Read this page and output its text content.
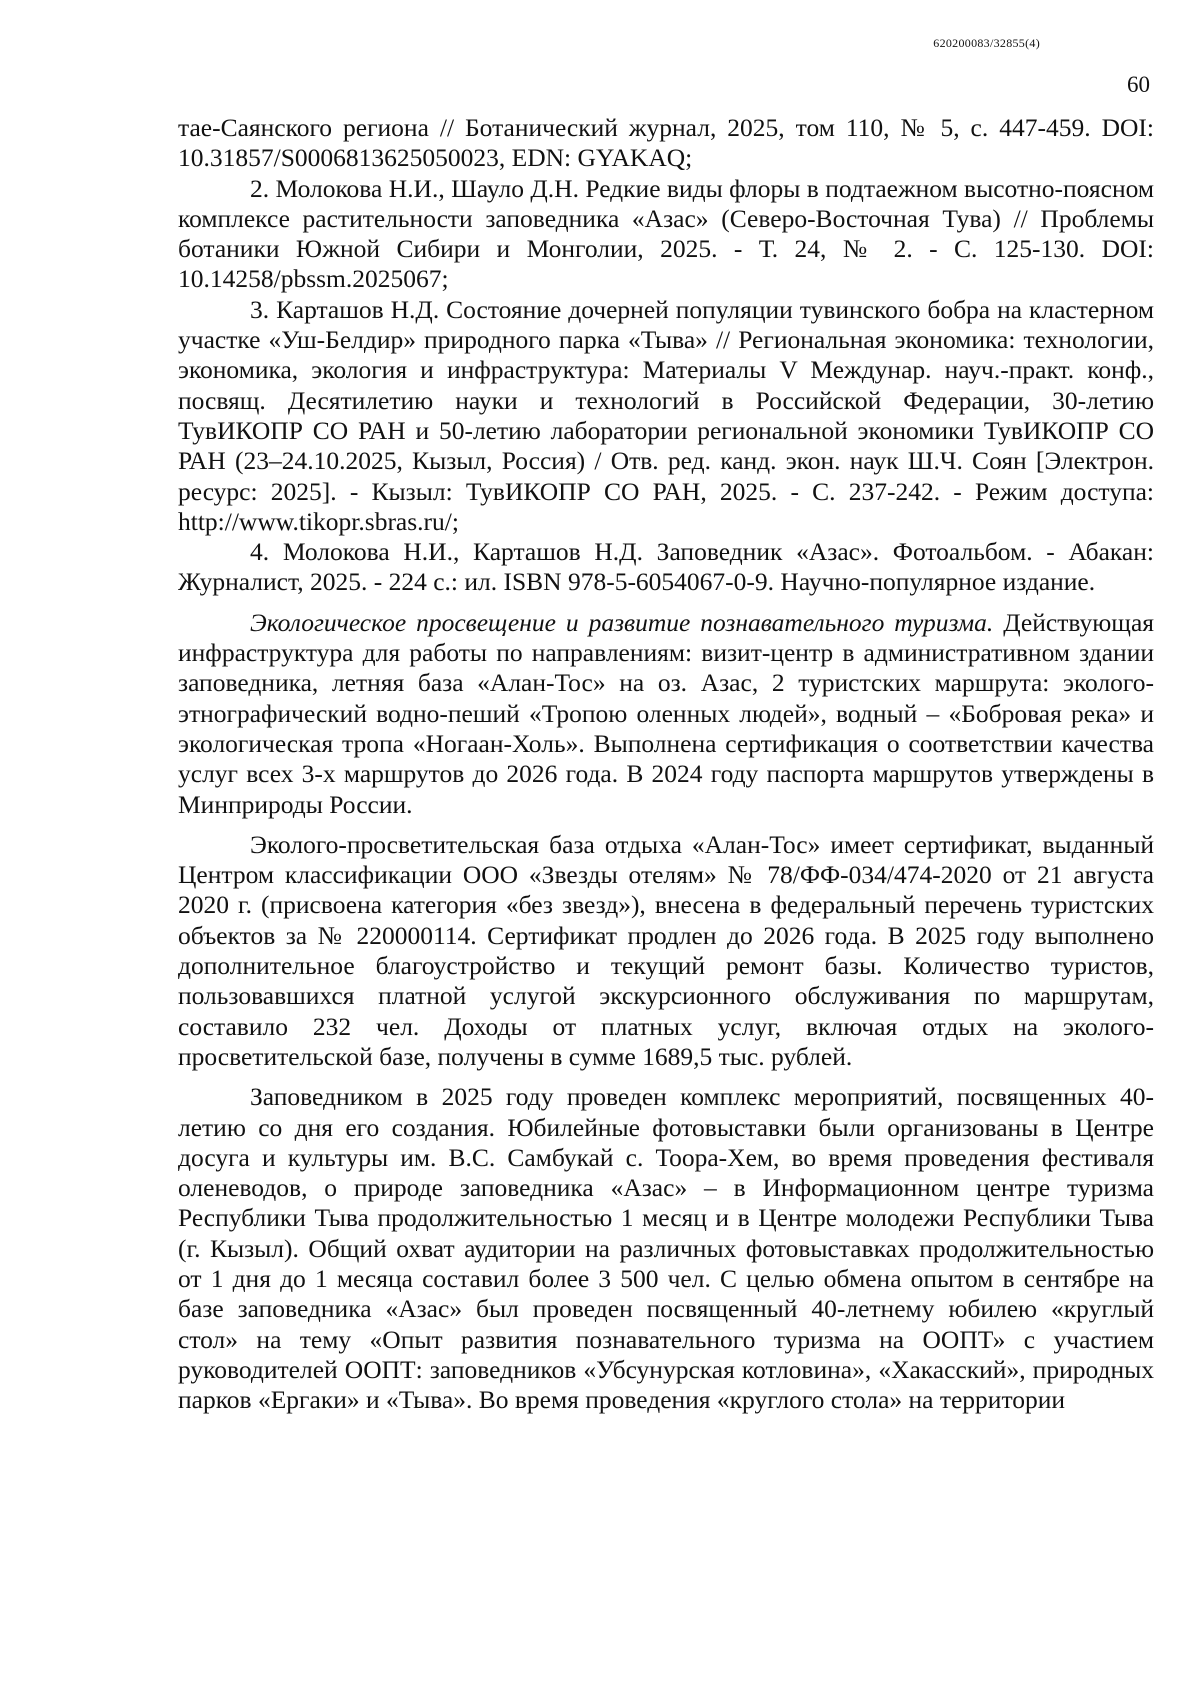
620200083/32855(4)
60

тае-Саянского региона // Ботанический журнал, 2025, том 110, № 5, с. 447-459. DOI: 10.31857/S0006813625050023, EDN: GYAKAQ;

2. Молокова Н.И., Шауло Д.Н. Редкие виды флоры в подтаежном высотно-поясном комплексе растительности заповедника «Азас» (Северо-Восточная Тува) // Проблемы ботаники Южной Сибири и Монголии, 2025. - Т. 24, № 2. - С. 125-130. DOI: 10.14258/pbssm.2025067;

3. Карташов Н.Д. Состояние дочерней популяции тувинского бобра на кластерном участке «Уш-Белдир» природного парка «Тыва» // Региональная экономика: технологии, экономика, экология и инфраструктура: Материалы V Междунар. науч.-практ. конф., посвящ. Десятилетию науки и технологий в Российской Федерации, 30-летию ТувИКОПР СО РАН и 50-летию лаборатории региональной экономики ТувИКОПР СО РАН (23–24.10.2025, Кызыл, Россия) / Отв. ред. канд. экон. наук Ш.Ч. Соян [Электрон. ресурс: 2025]. - Кызыл: ТувИКОПР СО РАН, 2025. - С. 237-242. - Режим доступа: http://www.tikopr.sbras.ru/;

4. Молокова Н.И., Карташов Н.Д. Заповедник «Азас». Фотоальбом. - Абакан: Журналист, 2025. - 224 с.: ил. ISBN 978-5-6054067-0-9. Научно-популярное издание.

Экологическое просвещение и развитие познавательного туризма. Действующая инфраструктура для работы по направлениям: визит-центр в административном здании заповедника, летняя база «Алан-Тос» на оз. Азас, 2 туристских маршрута: эколого-этнографический водно-пеший «Тропою оленных людей», водный – «Бобровая река» и экологическая тропа «Ногаан-Холь». Выполнена сертификация о соответствии качества услуг всех 3-х маршрутов до 2026 года. В 2024 году паспорта маршрутов утверждены в Минприроды России.

Эколого-просветительская база отдыха «Алан-Тос» имеет сертификат, выданный Центром классификации ООО «Звезды отелям» № 78/ФФ-034/474-2020 от 21 августа 2020 г. (присвоена категория «без звезд»), внесена в федеральный перечень туристских объектов за № 220000114. Сертификат продлен до 2026 года. В 2025 году выполнено дополнительное благоустройство и текущий ремонт базы. Количество туристов, пользовавшихся платной услугой экскурсионного обслуживания по маршрутам, составило 232 чел. Доходы от платных услуг, включая отдых на эколого-просветительской базе, получены в сумме 1689,5 тыс. рублей.

Заповедником в 2025 году проведен комплекс мероприятий, посвященных 40-летию со дня его создания. Юбилейные фотовыставки были организованы в Центре досуга и культуры им. В.С. Самбукай с. Тоора-Хем, во время проведения фестиваля оленеводов, о природе заповедника «Азас» – в Информационном центре туризма Республики Тыва продолжительностью 1 месяц и в Центре молодежи Республики Тыва (г. Кызыл). Общий охват аудитории на различных фотовыставках продолжительностью от 1 дня до 1 месяца составил более 3 500 чел. С целью обмена опытом в сентябре на базе заповедника «Азас» был проведен посвященный 40-летнему юбилею «круглый стол» на тему «Опыт развития познавательного туризма на ООПТ» с участием руководителей ООПТ: заповедников «Убсунурская котловина», «Хакасский», природных парков «Ергаки» и «Тыва». Во время проведения «круглого стола» на территории
